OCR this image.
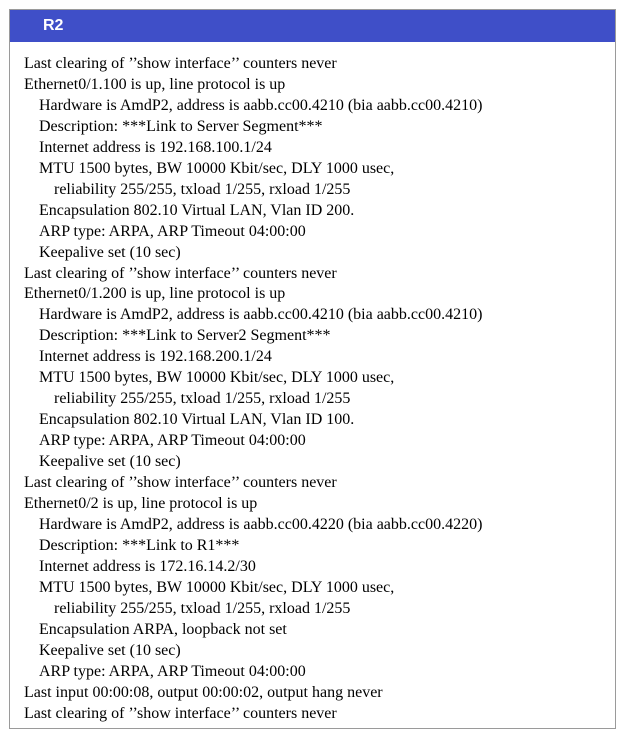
R2
Last clearing of ’’show interface’’ counters never
Ethernet0/1.100 is up, line protocol is up
Hardware is AmdP2, address is aabb.cc00.4210 (bia aabb.cc00.4210)
Description: ***Link to Server Segment***
Internet address is 192.168.100.1/24
MTU 1500 bytes, BW 10000 Kbit/sec, DLY 1000 usec,
reliability 255/255, txload 1/255, rxload 1/255
Encapsulation 802.10 Virtual LAN, Vlan ID 200.
ARP type: ARPA, ARP Timeout 04:00:00
Keepalive set (10 sec)
Last clearing of ’’show interface’’ counters never
Ethernet0/1.200 is up, line protocol is up
Hardware is AmdP2, address is aabb.cc00.4210 (bia aabb.cc00.4210)
Description: ***Link to Server2 Segment***
Internet address is 192.168.200.1/24
MTU 1500 bytes, BW 10000 Kbit/sec, DLY 1000 usec,
reliability 255/255, txload 1/255, rxload 1/255
Encapsulation 802.10 Virtual LAN, Vlan ID 100.
ARP type: ARPA, ARP Timeout 04:00:00
Keepalive set (10 sec)
Last clearing of ’’show interface’’ counters never
Ethernet0/2 is up, line protocol is up
Hardware is AmdP2, address is aabb.cc00.4220 (bia aabb.cc00.4220)
Description: ***Link to R1***
Internet address is 172.16.14.2/30
MTU 1500 bytes, BW 10000 Kbit/sec, DLY 1000 usec,
reliability 255/255, txload 1/255, rxload 1/255
Encapsulation ARPA, loopback not set
Keepalive set (10 sec)
ARP type: ARPA, ARP Timeout 04:00:00
Last input 00:00:08, output 00:00:02, output hang never
Last clearing of ’’show interface’’ counters never
